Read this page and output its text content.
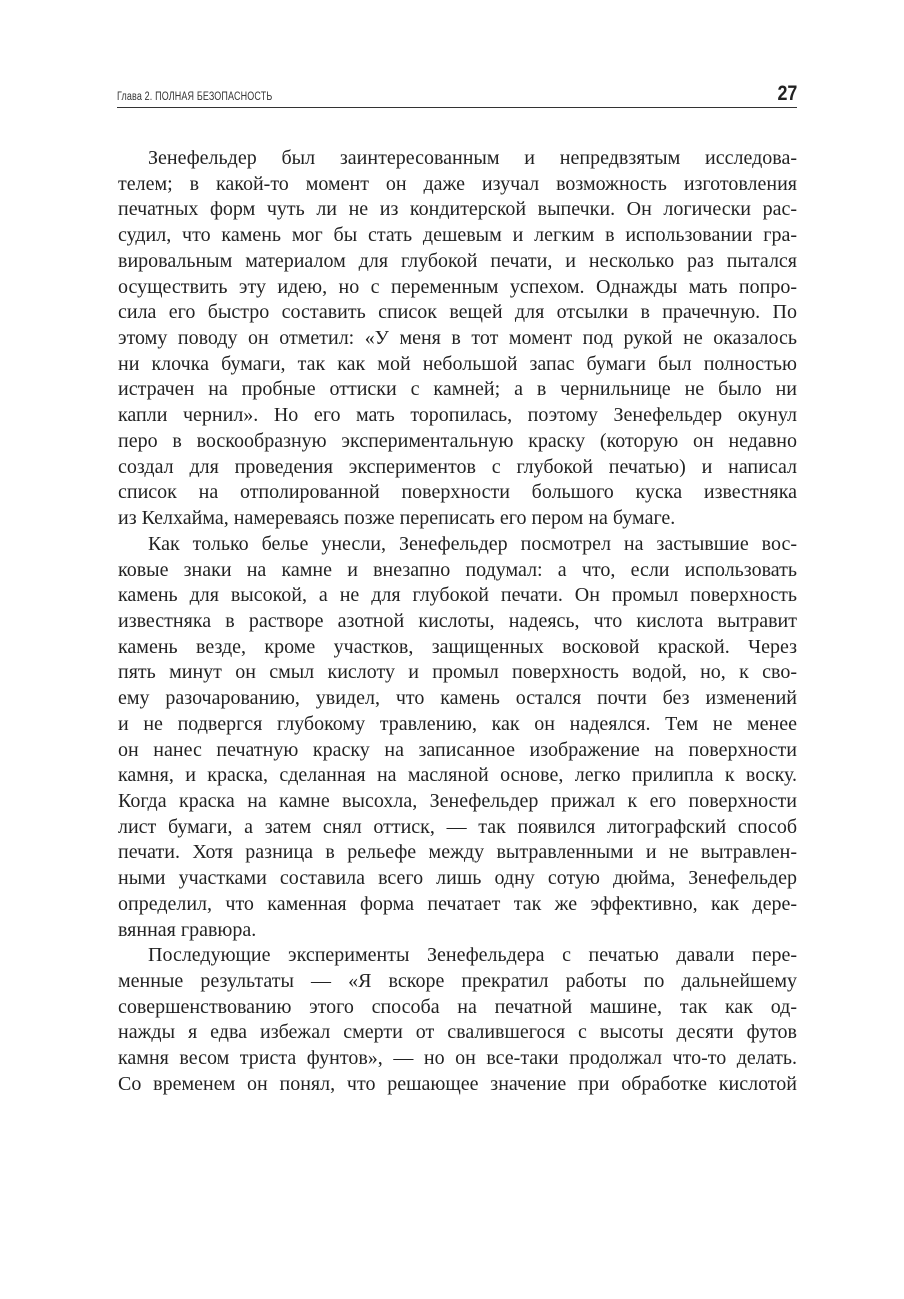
Глава 2. ПОЛНАЯ БЕЗОПАСНОСТЬ	27
Зенефельдер был заинтересованным и непредвзятым исследова-
телем; в какой-то момент он даже изучал возможность изготовления
печатных форм чуть ли не из кондитерской выпечки. Он логически рас-
судил, что камень мог бы стать дешевым и легким в использовании гра-
вировальным материалом для глубокой печати, и несколько раз пытался
осуществить эту идею, но с переменным успехом. Однажды мать попро-
сила его быстро составить список вещей для отсылки в прачечную. По
этому поводу он отметил: «У меня в тот момент под рукой не оказалось
ни клочка бумаги, так как мой небольшой запас бумаги был полностью
истрачен на пробные оттиски с камней; а в чернильнице не было ни
капли чернил». Но его мать торопилась, поэтому Зенефельдер окунул
перо в воскообразную экспериментальную краску (которую он недавно
создал для проведения экспериментов с глубокой печатью) и написал
список на отполированной поверхности большого куска известняка
из Келхайма, намереваясь позже переписать его пером на бумаге.
Как только белье унесли, Зенефельдер посмотрел на застывшие вос-
ковые знаки на камне и внезапно подумал: а что, если использовать
камень для высокой, а не для глубокой печати. Он промыл поверхность
известняка в растворе азотной кислоты, надеясь, что кислота вытравит
камень везде, кроме участков, защищенных восковой краской. Через
пять минут он смыл кислоту и промыл поверхность водой, но, к сво-
ему разочарованию, увидел, что камень остался почти без изменений
и не подвергся глубокому травлению, как он надеялся. Тем не менее
он нанес печатную краску на записанное изображение на поверхности
камня, и краска, сделанная на масляной основе, легко прилипла к воску.
Когда краска на камне высохла, Зенефельдер прижал к его поверхности
лист бумаги, а затем снял оттиск, — так появился литографский способ
печати. Хотя разница в рельефе между вытравленными и не вытравлен-
ными участками составила всего лишь одну сотую дюйма, Зенефельдер
определил, что каменная форма печатает так же эффективно, как дере-
вянная гравюра.
Последующие эксперименты Зенефельдера с печатью давали пере-
менные результаты — «Я вскоре прекратил работы по дальнейшему
совершенствованию этого способа на печатной машине, так как од-
нажды я едва избежал смерти от свалившегося с высоты десяти футов
камня весом триста фунтов», — но он все-таки продолжал что-то делать.
Со временем он понял, что решающее значение при обработке кислотой
